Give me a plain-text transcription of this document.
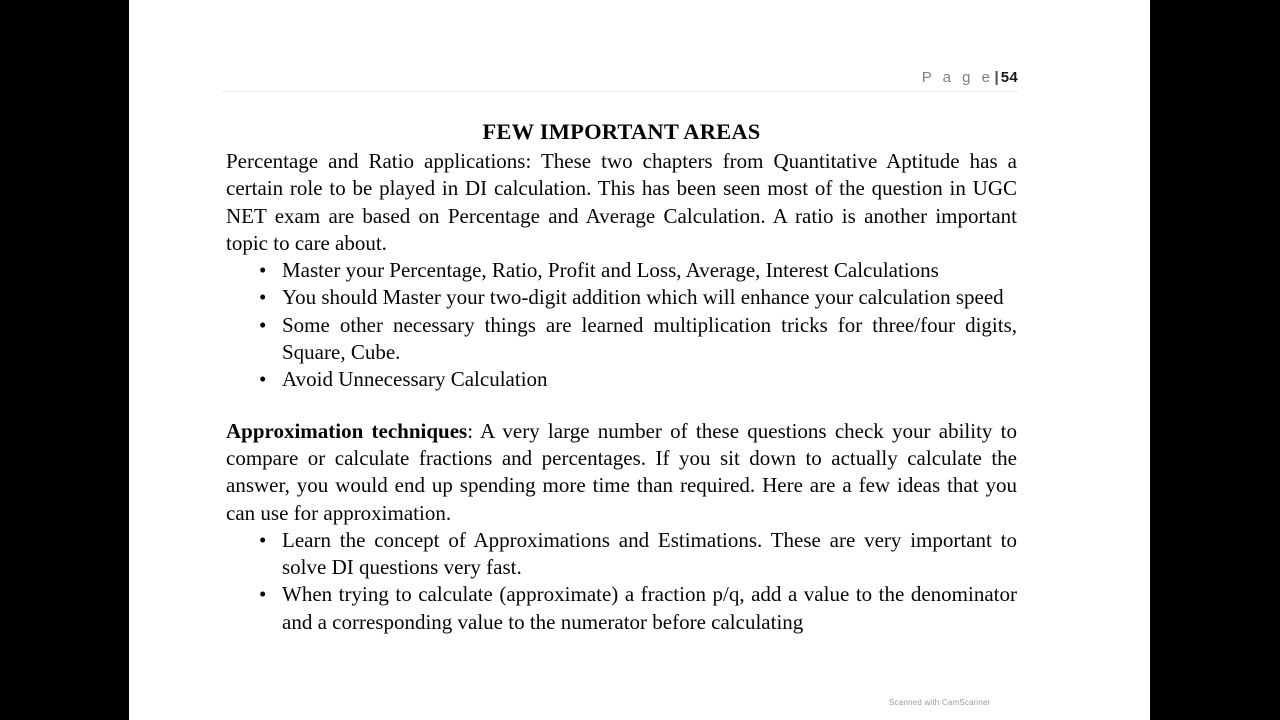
P a g e| 54
FEW IMPORTANT AREAS

Percentage and Ratio applications: These two chapters from Quantitative Aptitude has a certain role to be played in DI calculation. This has been seen most of the question in UGC NET exam are based on Percentage and Average Calculation. A ratio is another important topic to care about.

• Master your Percentage, Ratio, Profit and Loss, Average, Interest Calculations
• You should Master your two-digit addition which will enhance your calculation speed
• Some other necessary things are learned multiplication tricks for three/four digits, Square, Cube.
• Avoid Unnecessary Calculation

Approximation techniques: A very large number of these questions check your ability to compare or calculate fractions and percentages. If you sit down to actually calculate the answer, you would end up spending more time than required. Here are a few ideas that you can use for approximation.

• Learn the concept of Approximations and Estimations. These are very important to solve DI questions very fast.
• When trying to calculate (approximate) a fraction p/q, add a value to the denominator and a corresponding value to the numerator before calculating
Scanned with CamScanner
